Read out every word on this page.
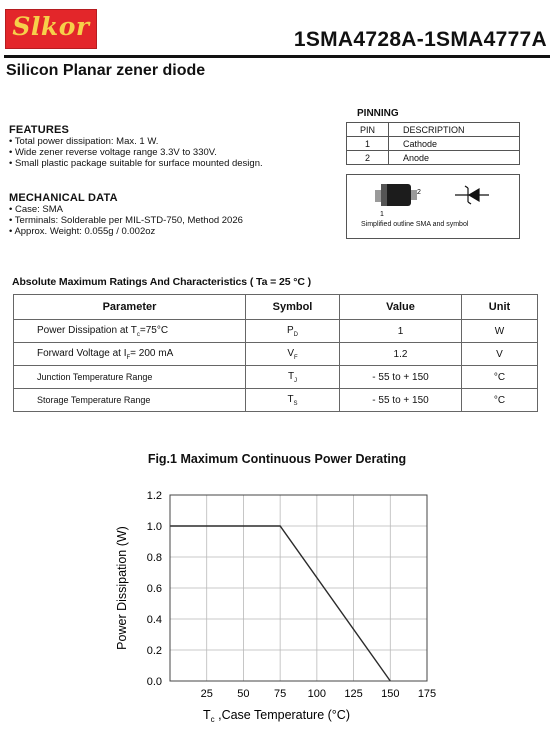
Slkor	1SMA4728A-1SMA4777A
Silicon Planar zener diode
FEATURES
• Total power dissipation: Max. 1 W.
• Wide zener reverse voltage range 3.3V to 330V.
• Small plastic package suitable for surface mounted design.
MECHANICAL DATA
• Case: SMA
• Terminals: Solderable per MIL-STD-750, Method 2026
• Approx. Weight: 0.055g / 0.002oz
PINNING
PIN	DESCRIPTION
1	Cathode
2	Anode
1
2
Simplified outline SMA and symbol
Absolute Maximum Ratings And Characteristics ( Ta = 25 °C )
Parameter	Symbol	Value	Unit
Power Dissipation at $T_c=75^\circ C$	$P_D$	1	W
Forward Voltage at $I_F= 200$ mA	$V_F$	1.2	V
Junction Temperature Range	$T_J$	- 55 to + 150	°C
Storage Temperature Range	$T_S$	- 55 to + 150	°C
Fig.1 Maximum Continuous Power Derating
0.0
0.2
0.4
0.6
0.8
1.0
1.2
25 50 75 100 125 150 175
Power Dissipation (W)
$T_c$ ,Case Temperature (°C)
